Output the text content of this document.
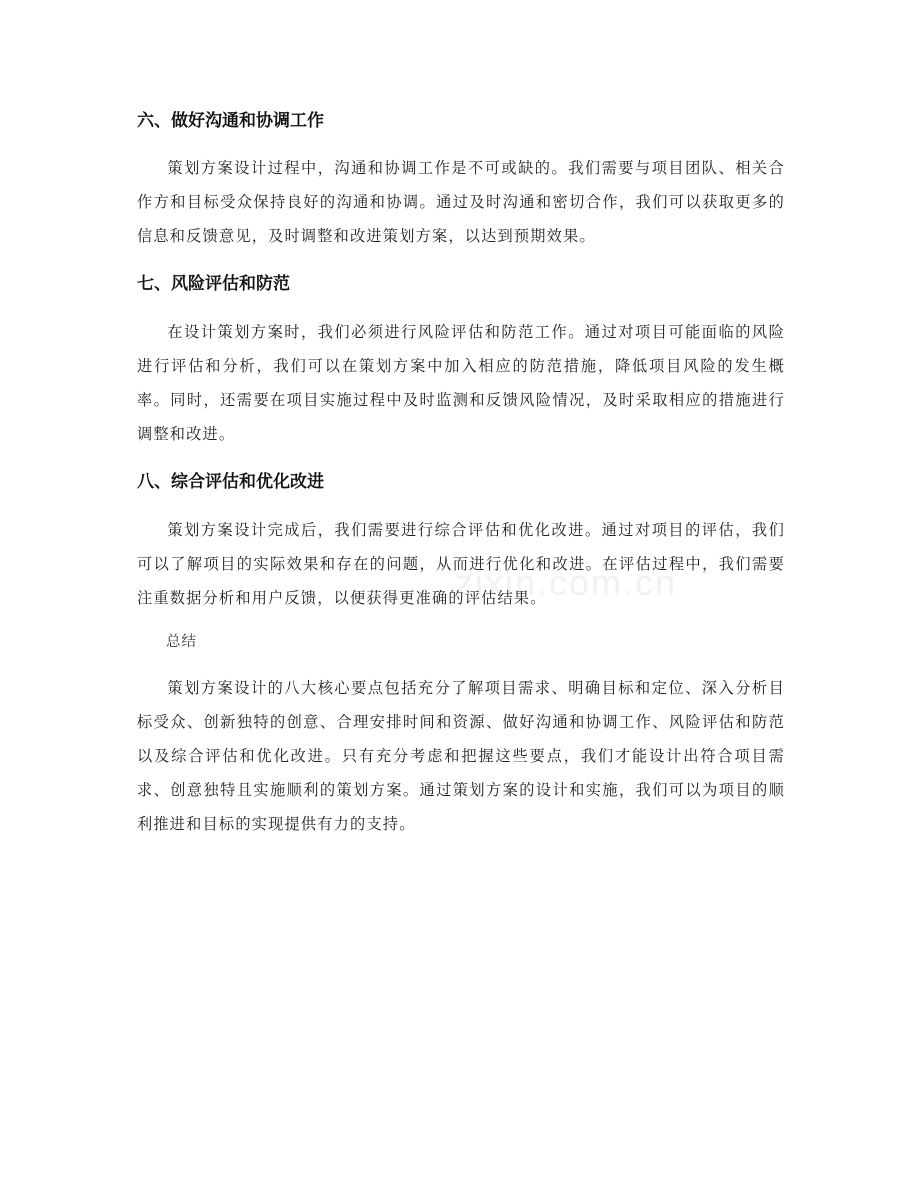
六、做好沟通和协调工作

策划方案设计过程中，沟通和协调工作是不可或缺的。我们需要与项目团队、相关合作方和目标受众保持良好的沟通和协调。通过及时沟通和密切合作，我们可以获取更多的信息和反馈意见，及时调整和改进策划方案，以达到预期效果。

七、风险评估和防范

在设计策划方案时，我们必须进行风险评估和防范工作。通过对项目可能面临的风险进行评估和分析，我们可以在策划方案中加入相应的防范措施，降低项目风险的发生概率。同时，还需要在项目实施过程中及时监测和反馈风险情况，及时采取相应的措施进行调整和改进。

八、综合评估和优化改进

策划方案设计完成后，我们需要进行综合评估和优化改进。通过对项目的评估，我们可以了解项目的实际效果和存在的问题，从而进行优化和改进。在评估过程中，我们需要注重数据分析和用户反馈，以便获得更准确的评估结果。

总结

策划方案设计的八大核心要点包括充分了解项目需求、明确目标和定位、深入分析目标受众、创新独特的创意、合理安排时间和资源、做好沟通和协调工作、风险评估和防范以及综合评估和优化改进。只有充分考虑和把握这些要点，我们才能设计出符合项目需求、创意独特且实施顺利的策划方案。通过策划方案的设计和实施，我们可以为项目的顺利推进和目标的实现提供有力的支持。

zixin.com.cn
